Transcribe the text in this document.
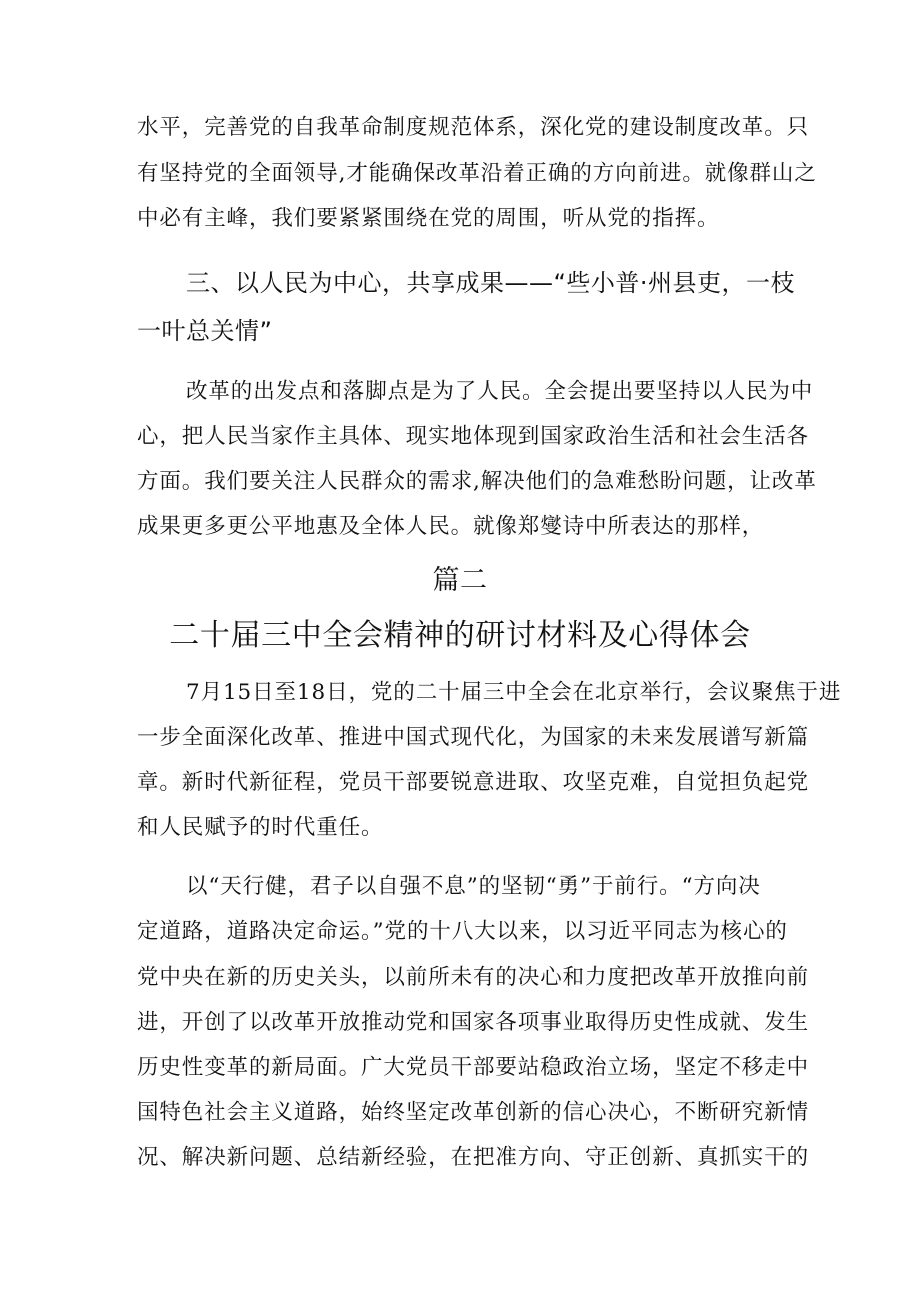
水平，完善党的自我革命制度规范体系，深化党的建设制度改革。只
有坚持党的全面领导,才能确保改革沿着正确的方向前进。就像群山之
中必有主峰，我们要紧紧围绕在党的周围，听从党的指挥。
三、以人民为中心，共享成果——“些小普·州县吏，一枝
一叶总关情”
改革的出发点和落脚点是为了人民。全会提出要坚持以人民为中
心，把人民当家作主具体、现实地体现到国家政治生活和社会生活各
方面。我们要关注人民群众的需求,解决他们的急难愁盼问题，让改革
成果更多更公平地惠及全体人民。就像郑燮诗中所表达的那样，
篇二
二十届三中全会精神的研讨材料及心得体会
7月15日至18日，党的二十届三中全会在北京举行，会议聚焦于进
一步全面深化改革、推进中国式现代化，为国家的未来发展谱写新篇
章。新时代新征程，党员干部要锐意进取、攻坚克难，自觉担负起党
和人民赋予的时代重任。
以“天行健，君子以自强不息”的坚韧“勇”于前行。“方向决
定道路，道路决定命运。”党的十八大以来，以习近平同志为核心的
党中央在新的历史关头，以前所未有的决心和力度把改革开放推向前
进，开创了以改革开放推动党和国家各项事业取得历史性成就、发生
历史性变革的新局面。广大党员干部要站稳政治立场，坚定不移走中
国特色社会主义道路，始终坚定改革创新的信心决心，不断研究新情
况、解决新问题、总结新经验，在把准方向、守正创新、真抓实干的
